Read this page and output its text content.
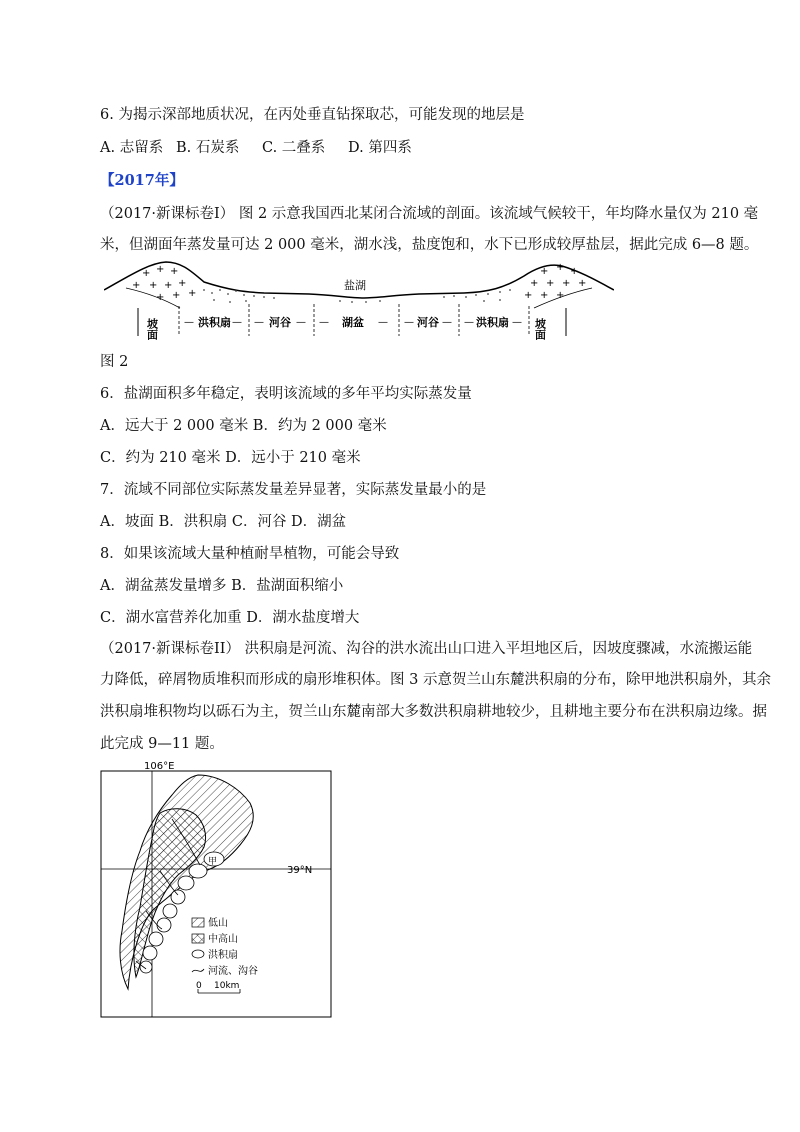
6. 为揭示深部地质状况，在丙处垂直钻探取芯，可能发现的地层是
A. 志留系 B. 石炭系 C. 二叠系 D. 第四系
【2017年】
（2017·新课标卷I） 图 2 示意我国西北某闭合流域的剖面。该流域气候较干，年均降水量仅为 210 毫
米，但湖面年蒸发量可达 2 000 毫米，湖水浅，盐度饱和，水下已形成较厚盐层，据此完成 6—8 题。
+ + +
+ + + +
+ + +
+ + +
+ + + +
+ + +
盐湖
坡面	洪积扇	河谷	湖盆	河谷	洪积扇 坡面
—	— —	— —	— —	— —	—
图 2
6．盐湖面积多年稳定，表明该流域的多年平均实际蒸发量
A．远大于 2 000 毫米 B．约为 2 000 毫米
C．约为 210 毫米 D．远小于 210 毫米
7．流域不同部位实际蒸发量差异显著，实际蒸发量最小的是
A．坡面 B．洪积扇 C．河谷 D．湖盆
8．如果该流域大量种植耐旱植物，可能会导致
A．湖盆蒸发量增多 B．盐湖面积缩小
C．湖水富营养化加重 D．湖水盐度增大
（2017·新课标卷II） 洪积扇是河流、沟谷的洪水流出山口进入平坦地区后，因坡度骤减，水流搬运能
力降低，碎屑物质堆积而形成的扇形堆积体。图 3 示意贺兰山东麓洪积扇的分布，除甲地洪积扇外，其余
洪积扇堆积物均以砾石为主，贺兰山东麓南部大多数洪积扇耕地较少，且耕地主要分布在洪积扇边缘。据
此完成 9—11 题。
106°E
39°N
甲
低山
中高山
洪积扇
河流、沟谷
0 10km
